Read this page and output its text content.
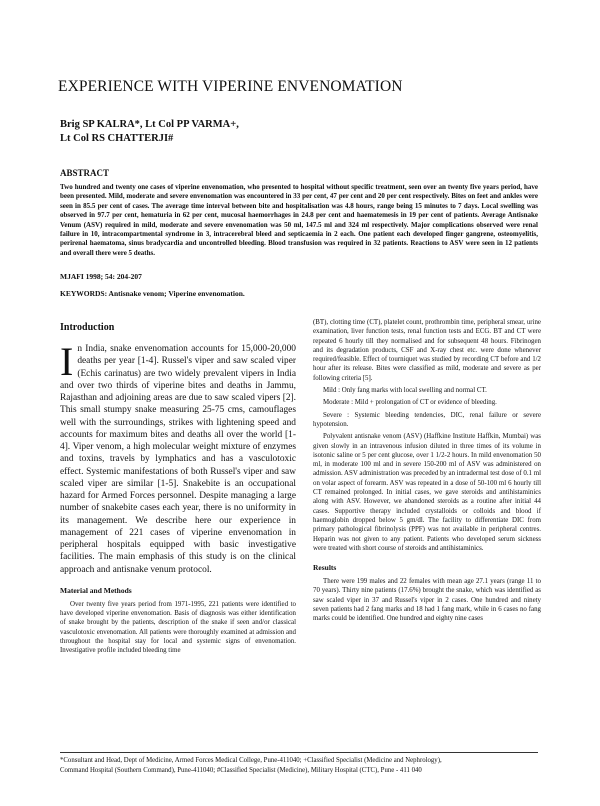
EXPERIENCE WITH VIPERINE ENVENOMATION
Brig SP KALRA*, Lt Col PP VARMA+,
Lt Col RS CHATTERJI#
ABSTRACT
Two hundred and twenty one cases of viperine envenomation, who presented to hospital without specific treatment, seen over an twenty five years period, have been presented. Mild, moderate and severe envenomation was encountered in 33 per cent, 47 per cent and 20 per cent respectively. Bites on feet and ankles were seen in 85.5 per cent of cases. The average time interval between bite and hospitalisation was 4.8 hours, range being 15 minutes to 7 days. Local swelling was observed in 97.7 per cent, hematuria in 62 per cent, mucosal haemorrhages in 24.8 per cent and haematemesis in 19 per cent of patients. Average Antisnake Venum (ASV) required in mild, moderate and severe envenomation was 50 ml, 147.5 ml and 324 ml respectively. Major complications observed were renal failure in 10, intracompartmental syndrome in 3, intracerebral bleed and septicaemia in 2 each. One patient each developed finger gangrene, osteomyelitis, perirenal haematoma, sinus bradycardia and uncontrolled bleeding. Blood transfusion was required in 32 patients. Reactions to ASV were seen in 12 patients and overall there were 5 deaths.
MJAFI 1998; 54: 204-207
KEYWORDS: Antisnake venom; Viperine envenomation.
Introduction

In India, snake envenomation accounts for 15,000-20,000 deaths per year [1-4]. Russel's viper and saw scaled viper (Echis carinatus) are two widely prevalent vipers in India and over two thirds of viperine bites and deaths in Jammu, Rajasthan and adjoining areas are due to saw scaled vipers [2]. This small stumpy snake measuring 25-75 cms, camouflages well with the surroundings, strikes with lightening speed and accounts for maximum bites and deaths all over the world [1-4]. Viper venom, a high molecular weight mixture of enzymes and toxins, travels by lymphatics and has a vasculotoxic effect. Systemic manifestations of both Russel's viper and saw scaled viper are similar [1-5]. Snakebite is an occupational hazard for Armed Forces personnel. Despite managing a large number of snakebite cases each year, there is no uniformity in its management. We describe here our experience in management of 221 cases of viperine envenomation in peripheral hospitals equipped with basic investigative facilities. The main emphasis of this study is on the clinical approach and antisnake venum protocol.

Material and Methods

Over twenty five years period from 1971-1995, 221 patients were identified to have developed viperine envenomation. Basis of diagnosis was either identification of snake brought by the patients, description of the snake if seen and/or classical vasculotoxic envenomation. All patients were thoroughly examined at admission and throughout the hospital stay for local and systemic signs of envenomation. Investigative profile included bleeding time

(BT), clotting time (CT), platelet count, prothrombin time, peripheral smear, urine examination, liver function tests, renal function tests and ECG. BT and CT were repeated 6 hourly till they normalised and for subsequent 48 hours. Fibrinogen and its degradation products, CSF and X-ray chest etc. were done whenever required/feasible. Effect of tourniquet was studied by recording CT before and 1/2 hour after its release. Bites were classified as mild, moderate and severe as per following criteria [5].

Mild : Only fang marks with local swelling and normal CT.

Moderate : Mild + prolongation of CT or evidence of bleeding.

Severe : Systemic bleeding tendencies, DIC, renal failure or severe hypotension.

Polyvalent antisnake venom (ASV) (Haffkine Institute Haffkin, Mumbai) was given slowly in an intravenous infusion diluted in three times of its volume in isotonic saline or 5 per cent glucose, over 1 1/2-2 hours. In mild envenomation 50 ml, in moderate 100 ml and in severe 150-200 ml of ASV was administered on admission. ASV administration was preceded by an intradermal test dose of 0.1 ml on volar aspect of forearm. ASV was repeated in a dose of 50-100 ml 6 hourly till CT remained prolonged. In initial cases, we gave steroids and antihistaminics along with ASV. However, we abandoned steroids as a routine after initial 44 cases. Supportive therapy included crystalloids or colloids and blood if haemoglobin dropped below 5 gm/dl. The facility to differentiate DIC from primary pathological fibrinolysis (PPF) was not available in peripheral centres. Heparin was not given to any patient. Patients who developed serum sickness were treated with short course of steroids and antihistaminics.

Results

There were 199 males and 22 females with mean age 27.1 years (range 11 to 70 years). Thirty nine patients (17.6%) brought the snake, which was identified as saw scaled viper in 37 and Russel's viper in 2 cases. One hundred and ninety seven patients had 2 fang marks and 18 had 1 fang mark, while in 6 cases no fang marks could be identified. One hundred and eighty nine cases

*Consultant and Head, Dept of Medicine, Armed Forces Medical College, Pune-411040; +Classified Specialist (Medicine and Nephrology),
Command Hospital (Southern Command), Pune-411040; #Classified Specialist (Medicine), Military Hospital (CTC), Pune - 411 040
